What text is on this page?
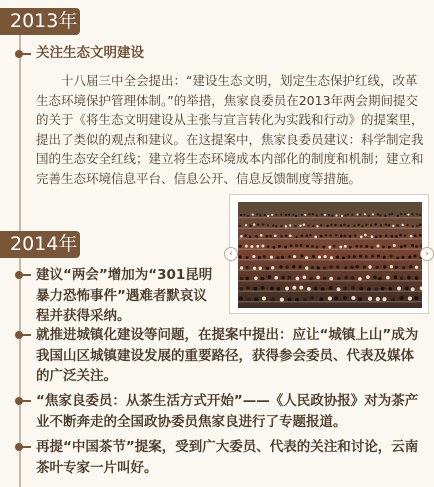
2013年
关注生态文明建设

十八届三中全会提出：“建设生态文明，划定生态保护红线，改革生态环境保护管理体制。”的举措，焦家良委员在2013年两会期间提交的关于《将生态文明建设从主张与宣言转化为实践和行动》的提案里，提出了类似的观点和建议。在这提案中，焦家良委员建议：科学制定我国的生态安全红线；建立将生态环境成本内部化的制度和机制；建立和完善生态环境信息平台、信息公开、信息反馈制度等措施。

‹	›
2014年

建议“两会”增加为“301昆明暴力恐怖事件”遇难者默哀议程并获得采纳。

就推进城镇化建设等问题，在提案中提出：应让“城镇上山”成为我国山区城镇建设发展的重要路径，获得参会委员、代表及媒体的广泛关注。

“焦家良委员：从茶生活方式开始”——《人民政协报》对为茶产业不断奔走的全国政协委员焦家良进行了专题报道。

再提“中国茶节”提案，受到广大委员、代表的关注和讨论，云南茶叶专家一片叫好。
